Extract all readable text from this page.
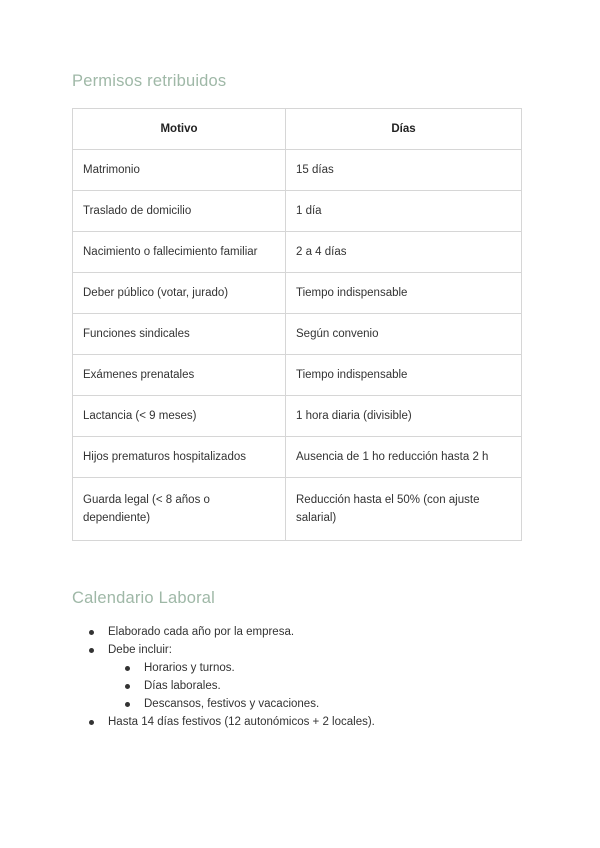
Permisos retribuidos
Motivo	Días
Matrimonio	15 días
Traslado de domicilio	1 día
Nacimiento o fallecimiento familiar	2 a 4 días
Deber público (votar, jurado)	Tiempo indispensable
Funciones sindicales	Según convenio
Exámenes prenatales	Tiempo indispensable
Lactancia (< 9 meses)	1 hora diaria (divisible)
Hijos prematuros hospitalizados	Ausencia de 1 ho reducción hasta 2 h
Guarda legal (< 8 años o dependiente)	Reducción hasta el 50% (con ajuste salarial)
Calendario Laboral
Elaborado cada año por la empresa.
Debe incluir:
Horarios y turnos.
Días laborales.
Descansos, festivos y vacaciones.
Hasta 14 días festivos (12 autonómicos + 2 locales).
